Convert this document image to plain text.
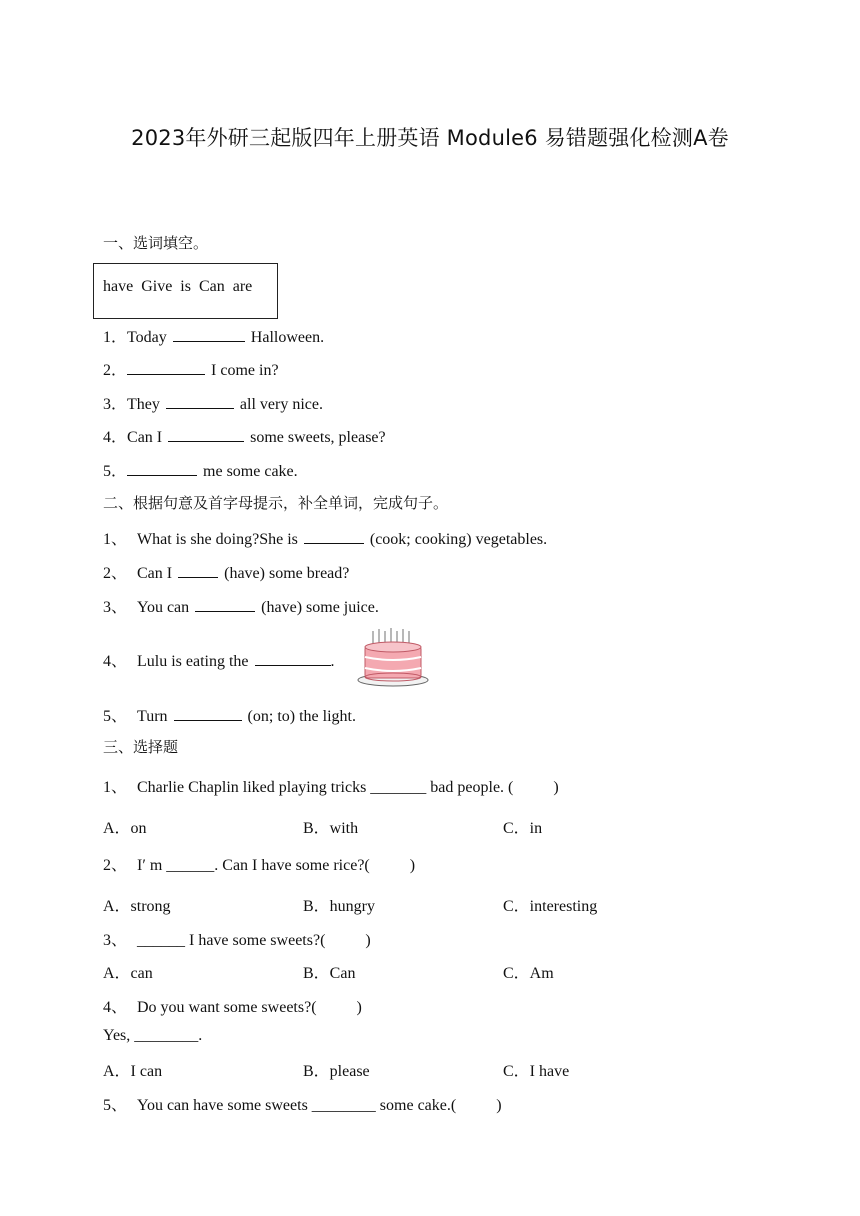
2023年外研三起版四年上册英语 Module6 易错题强化检测A卷
一、选词填空。
have  Give  is  Can  are
1．Today	Halloween.
2．	I come in?
3．They	all very nice.
4．Can I	some sweets, please?
5．	me some cake.
二、根据句意及首字母提示，补全单词，完成句子。
1、 What is she doing?She is	(cook; cooking) vegetables.
2、 Can I	(have) some bread?
3、 You can	(have) some juice.
4、 Lulu is eating the	.
5、 Turn	(on; to) the light.
三、选择题
1、 Charlie Chaplin liked playing tricks _______ bad people. (	)
A．on	B．with	C．in
2、 I′ m ______. Can I have some rice?(	)
A．strong	B．hungry	C．interesting
3、 ______ I have some sweets?(	)
A．can	B．Can	C．Am
4、 Do you want some sweets?(	)
Yes, ________.
A．I can	B．please	C．I have
5、 You can have some sweets ________ some cake.(	)
